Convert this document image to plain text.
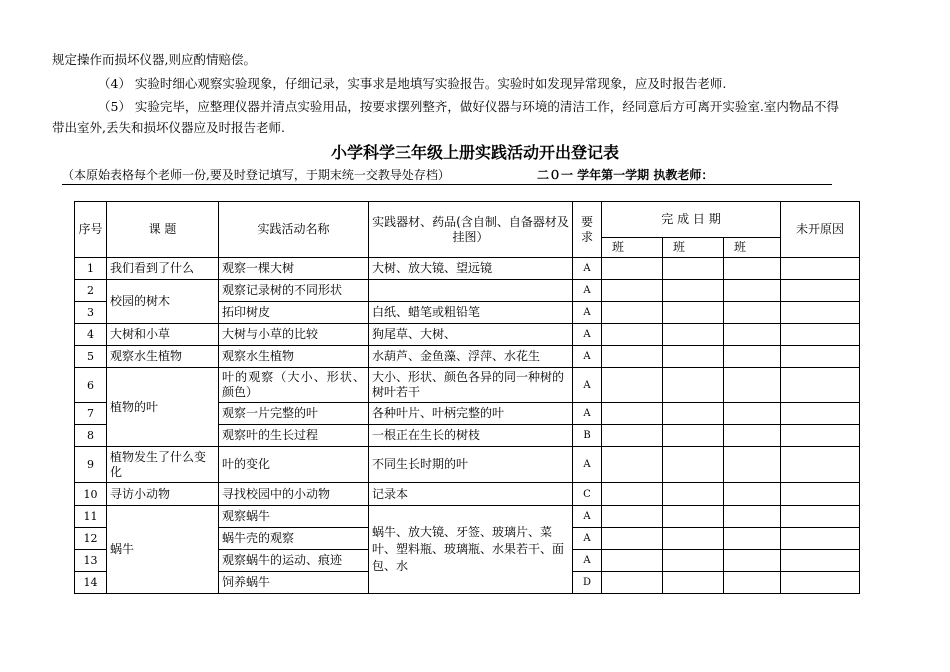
规定操作而损坏仪器,则应酌情赔偿。
（4） 实验时细心观察实验现象，仔细记录，实事求是地填写实验报告。实验时如发现异常现象，应及时报告老师.
（5） 实验完毕，应整理仪器并清点实验用品，按要求摆列整齐，做好仪器与环境的清洁工作，经同意后方可离开实验室.室内物品不得
带出室外,丢失和损坏仪器应及时报告老师.
小学科学三年级上册实践活动开出登记表
（本原始表格每个老师一份,要及时登记填写，于期末统一交教导处存档）	二０一 学年第一学期 执教老师：
序号	课 题	实践活动名称	实践器材、药品(含自制、自备器材及挂图）	要求	完 成 日 期			未开原因
					班	班	班	
1	我们看到了什么	观察一棵大树	大树、放大镜、望远镜	A				
2	校园的树木	观察记录树的不同形状		A				
3		拓印树皮	白纸、蜡笔或粗铅笔	A				
4	大树和小草	大树与小草的比较	狗尾草、大树、	A				
5	观察水生植物	观察水生植物	水葫芦、金鱼藻、浮萍、水花生	A				
6	植物的叶	叶的观察（大小、形状、颜色）	大小、形状、颜色各异的同一种树的树叶若干	A				
7		观察一片完整的叶	各种叶片、叶柄完整的叶	A				
8		观察叶的生长过程	一根正在生长的树枝	B				
9	植物发生了什么变化	叶的变化	不同生长时期的叶	A				
10	寻访小动物	寻找校园中的小动物	记录本	C				
11	蜗牛	观察蜗牛	蜗牛、放大镜、牙签、玻璃片、菜叶、塑料瓶、玻璃瓶、水果若干、面包、水	A				
12		蜗牛壳的观察		A				
13		观察蜗牛的运动、痕迹		A				
14		饲养蜗牛		D				
